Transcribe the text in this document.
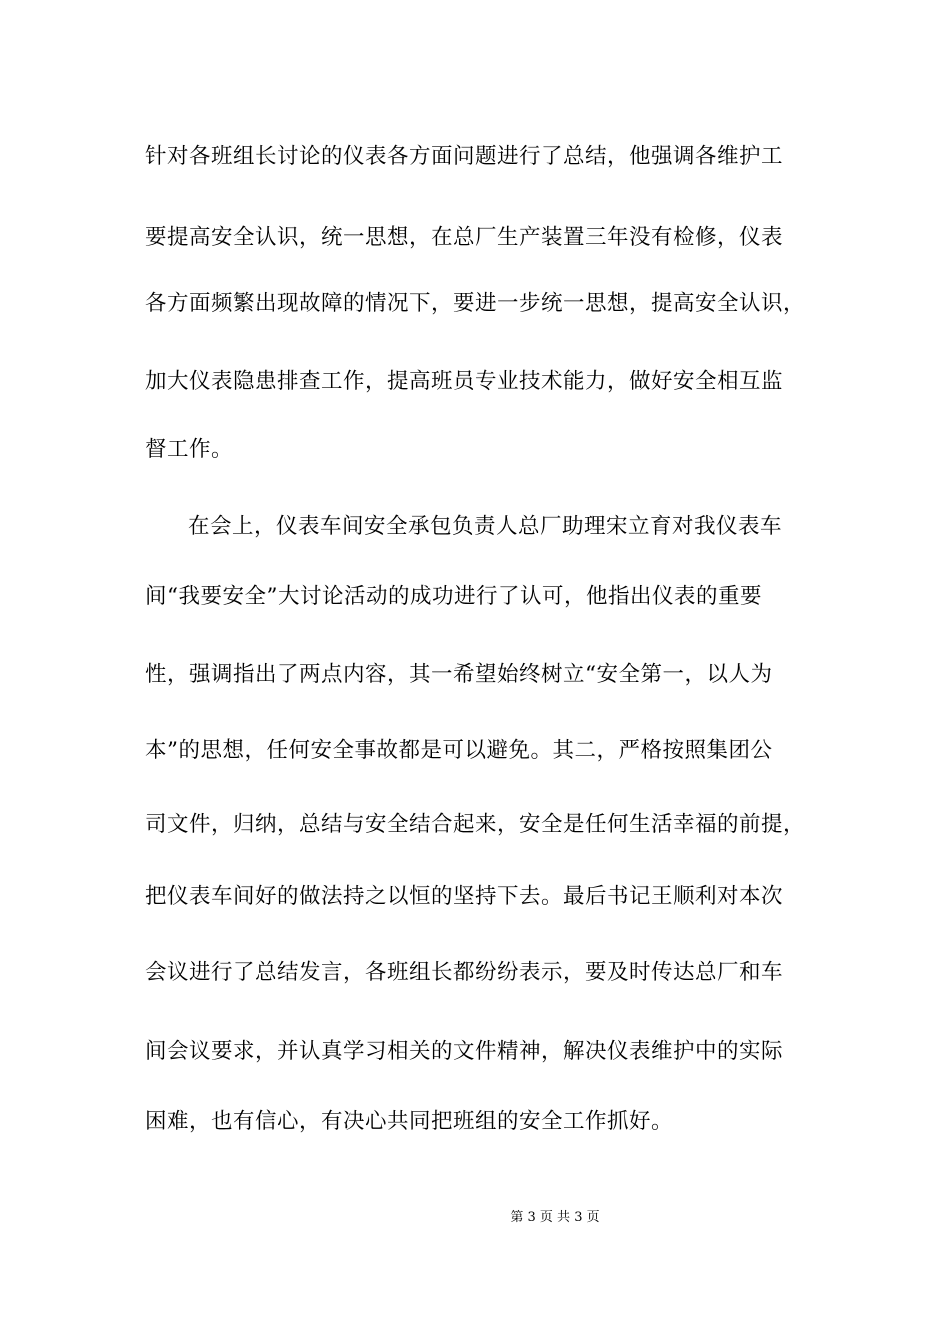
针对各班组长讨论的仪表各方面问题进行了总结，他强调各维护工
要提高安全认识，统一思想，在总厂生产装置三年没有检修，仪表
各方面频繁出现故障的情况下，要进一步统一思想，提高安全认识，
加大仪表隐患排查工作，提高班员专业技术能力，做好安全相互监
督工作。
在会上，仪表车间安全承包负责人总厂助理宋立育对我仪表车
间“我要安全”大讨论活动的成功进行了认可，他指出仪表的重要
性，强调指出了两点内容，其一希望始终树立“安全第一，以人为
本”的思想，任何安全事故都是可以避免。其二，严格按照集团公
司文件，归纳，总结与安全结合起来，安全是任何生活幸福的前提，
把仪表车间好的做法持之以恒的坚持下去。最后书记王顺利对本次
会议进行了总结发言，各班组长都纷纷表示，要及时传达总厂和车
间会议要求，并认真学习相关的文件精神，解决仪表维护中的实际
困难，也有信心，有决心共同把班组的安全工作抓好。
第 3 页 共 3 页
